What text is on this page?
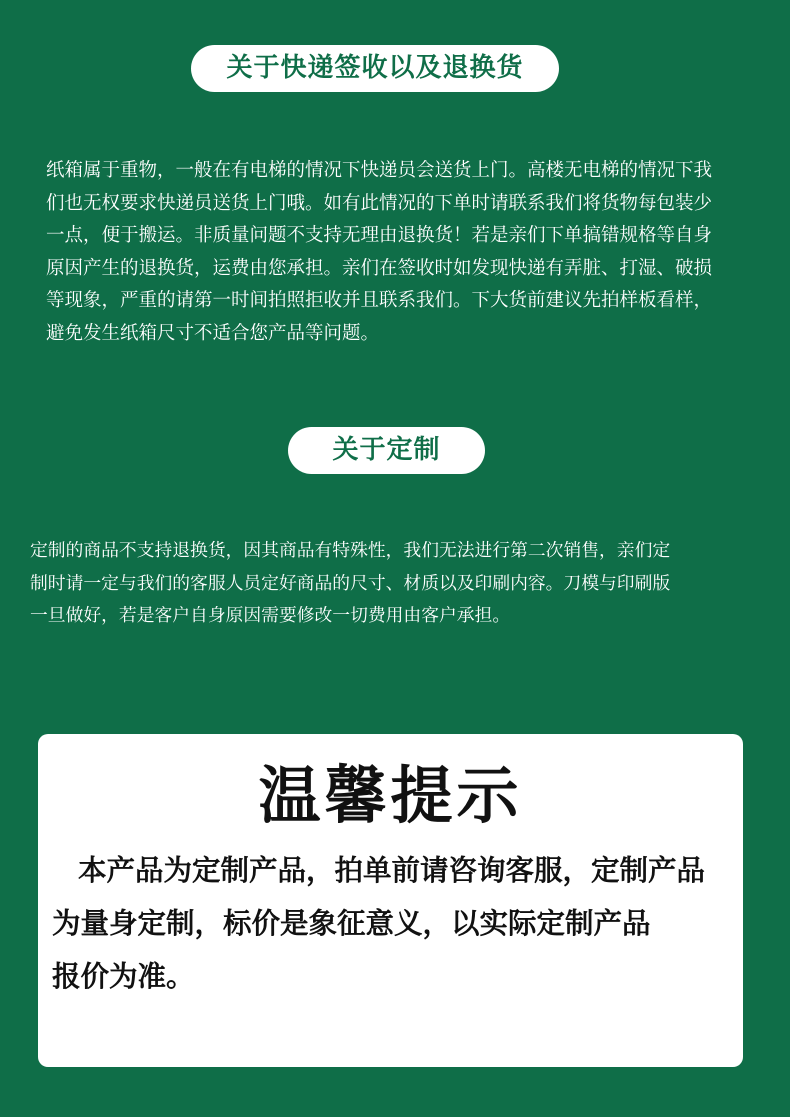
关于快递签收以及退换货
纸箱属于重物，一般在有电梯的情况下快递员会送货上门。高楼无电梯的情况下我
们也无权要求快递员送货上门哦。如有此情况的下单时请联系我们将货物每包装少
一点，便于搬运。非质量问题不支持无理由退换货！若是亲们下单搞错规格等自身
原因产生的退换货，运费由您承担。亲们在签收时如发现快递有弄脏、打湿、破损
等现象，严重的请第一时间拍照拒收并且联系我们。下大货前建议先拍样板看样，
避免发生纸箱尺寸不适合您产品等问题。
关于定制
定制的商品不支持退换货，因其商品有特殊性，我们无法进行第二次销售，亲们定
制时请一定与我们的客服人员定好商品的尺寸、材质以及印刷内容。刀模与印刷版
一旦做好，若是客户自身原因需要修改一切费用由客户承担。
温馨提示
本产品为定制产品，拍单前请咨询客服，定制产品
为量身定制，标价是象征意义，以实际定制产品
报价为准。
